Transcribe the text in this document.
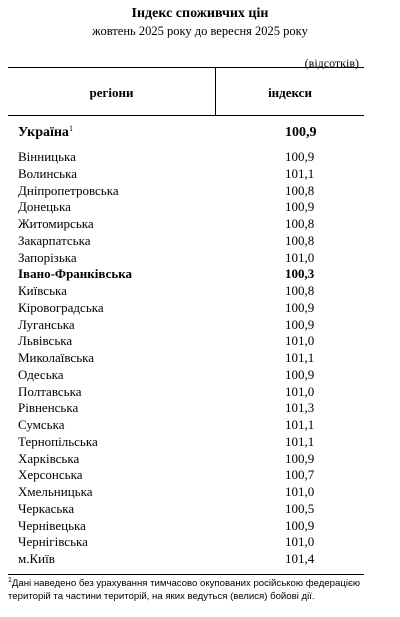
Індекс споживчих цін
жовтень 2025 року до вересня 2025 року
(відсотків)
регіони	індекси
Україна$^1$	100,9
Вінницька	100,9
Волинська	101,1
Дніпропетровська	100,8
Донецька	100,9
Житомирська	100,8
Закарпатська	100,8
Запорізька	101,0
Івано-Франківська	100,3
Київська	100,8
Кіровоградська	100,9
Луганська	100,9
Львівська	101,0
Миколаївська	101,1
Одеська	100,9
Полтавська	101,0
Рівненська	101,3
Сумська	101,1
Тернопільська	101,1
Харківська	100,9
Херсонська	100,7
Хмельницька	101,0
Черкаська	100,5
Чернівецька	100,9
Чернігівська	101,0
м.Київ	101,4
$^1$Дані наведено без урахування тимчасово окупованих російською федерацією територій та частини територій, на яких ведуться (велися) бойові дії.
